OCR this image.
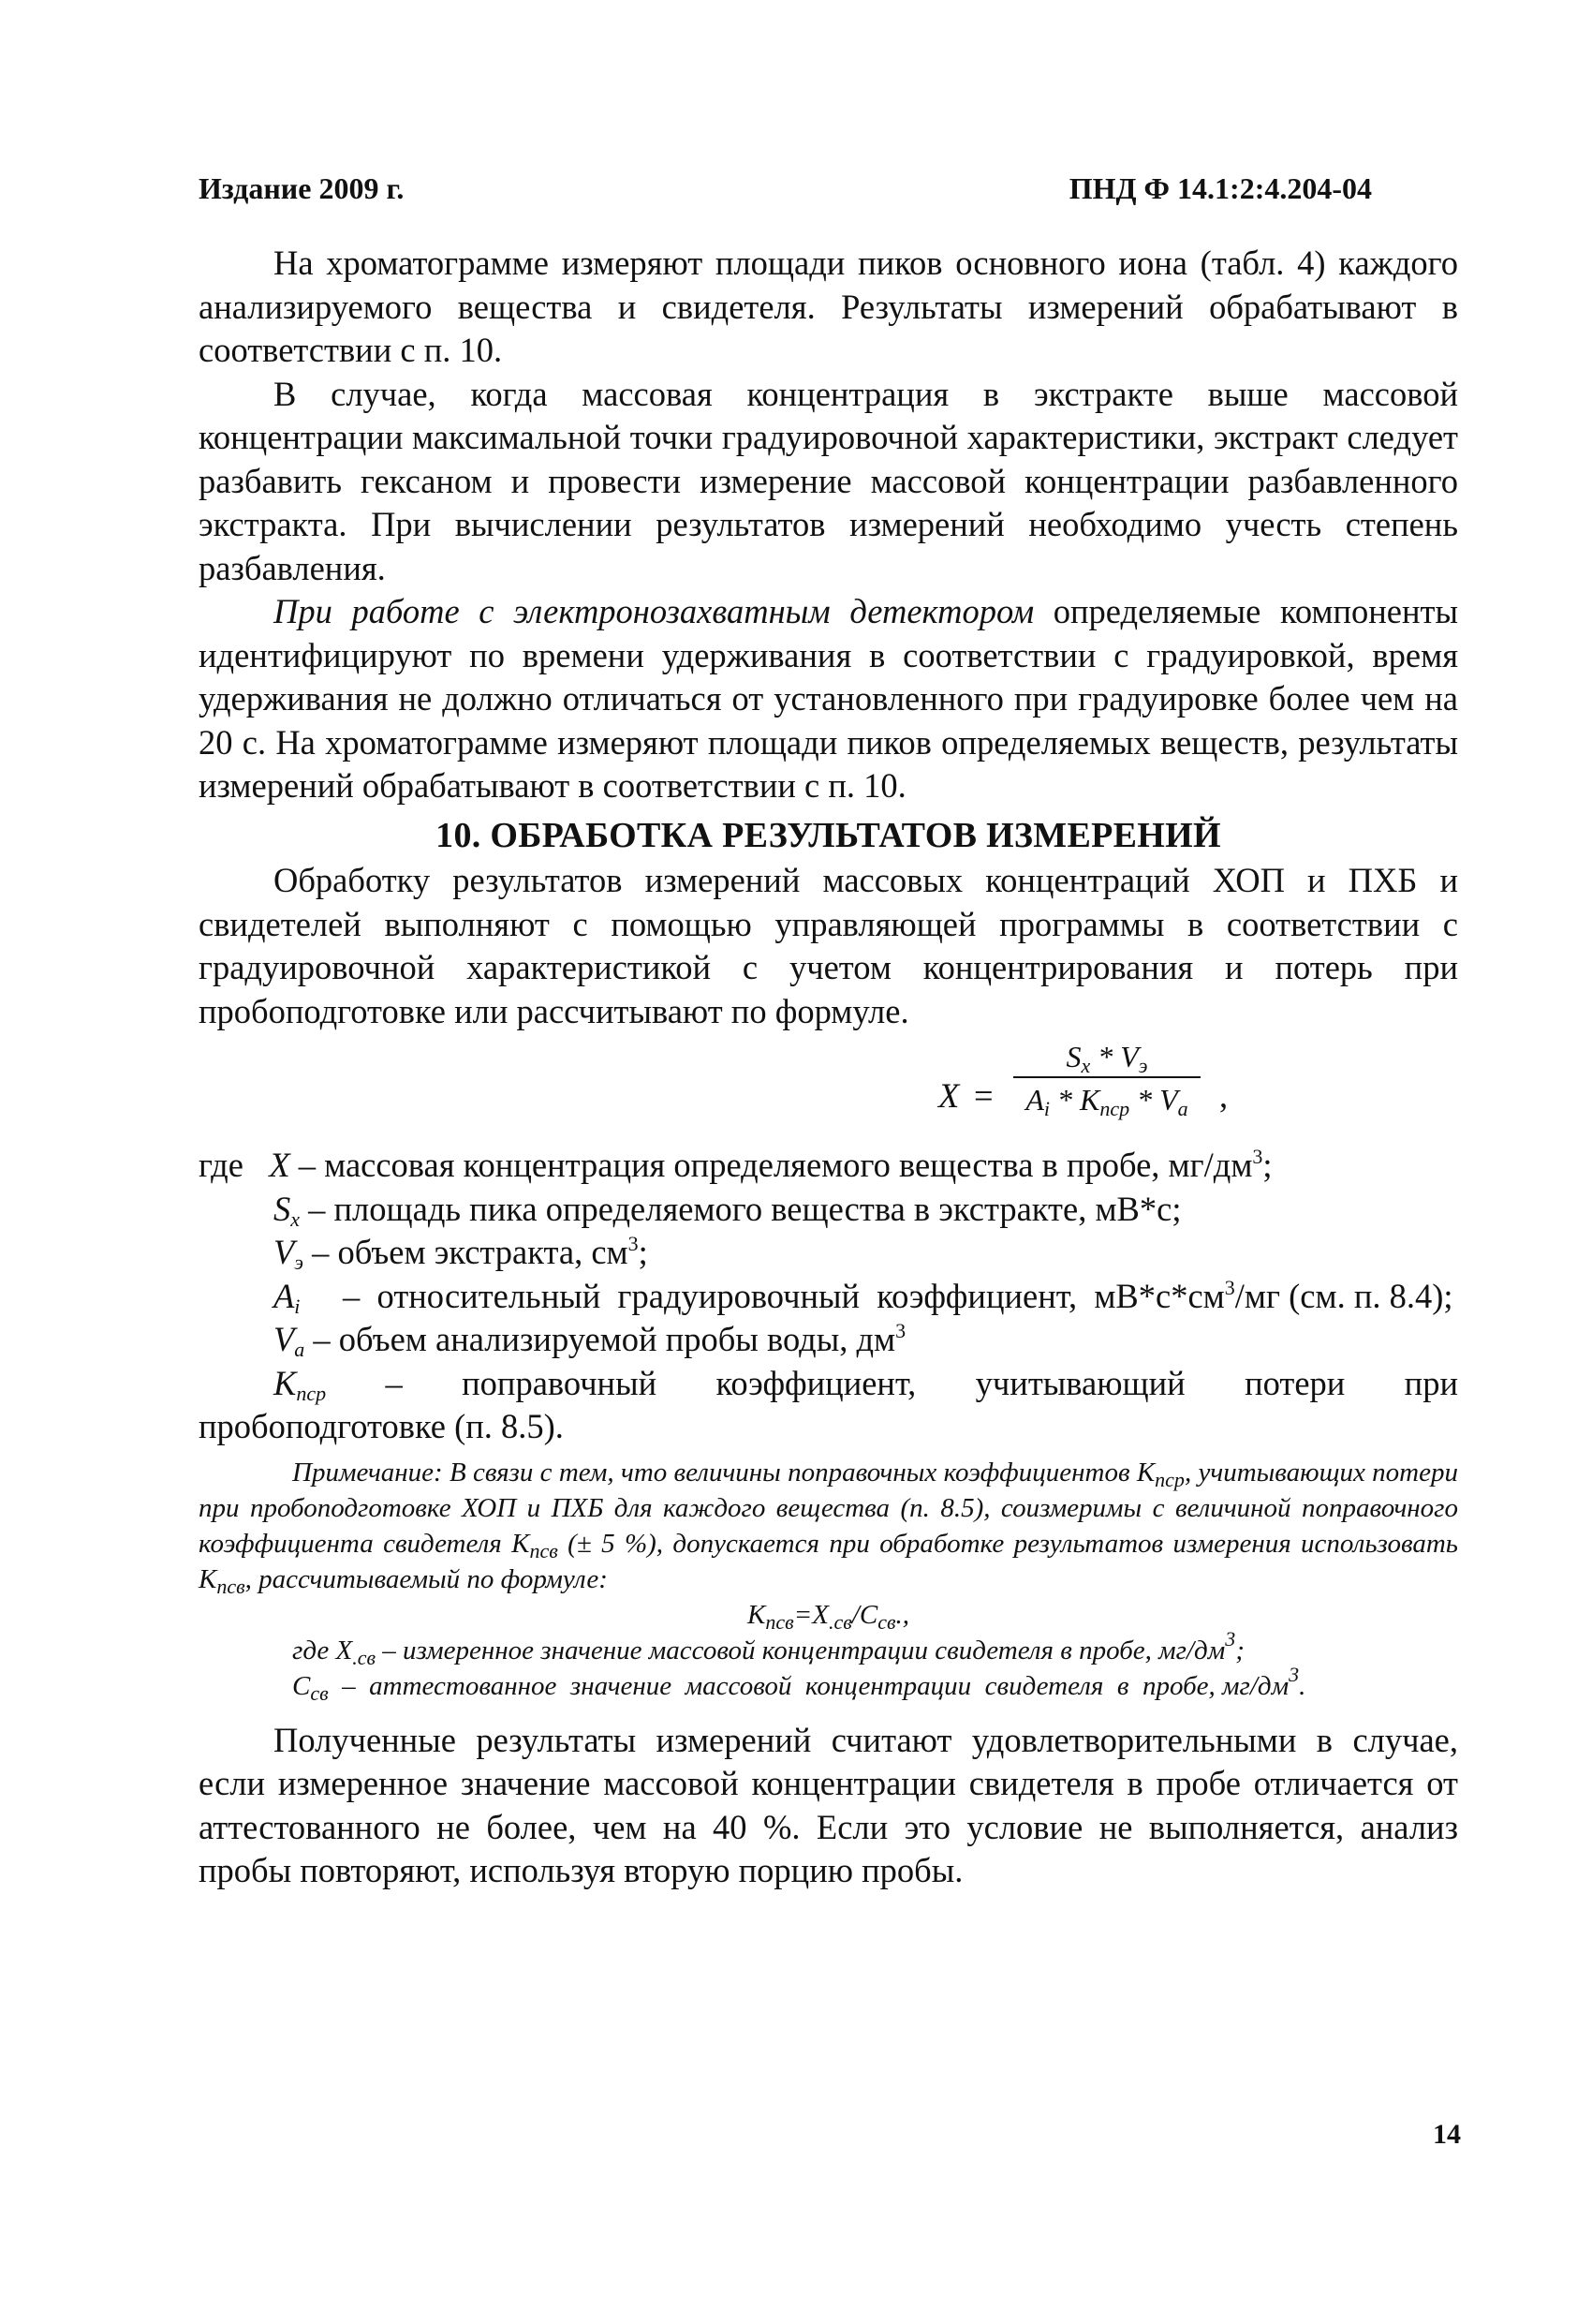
Издание 2009 г.	ПНД Ф 14.1:2:4.204-04

На хроматограмме измеряют площади пиков основного иона (табл. 4) каждого анализируемого вещества и свидетеля. Результаты измерений обрабатывают в соответствии с п. 10.

В случае, когда массовая концентрация в экстракте выше массовой концентрации максимальной точки градуировочной характеристики, экстракт следует разбавить гексаном и провести измерение массовой концентрации разбавленного экстракта. При вычислении результатов измерений необходимо учесть степень разбавления.

При работе с электронозахватным детектором определяемые компоненты идентифицируют по времени удерживания в соответствии с градуировкой, время удерживания не должно отличаться от установленного при градуировке более чем на 20 с. На хроматограмме измеряют площади пиков определяемых веществ, результаты измерений обрабатывают в соответствии с п. 10.

10. ОБРАБОТКА РЕЗУЛЬТАТОВ ИЗМЕРЕНИЙ

Обработку результатов измерений массовых концентраций ХОП и ПХБ и свидетелей выполняют с помощью управляющей программы в соответствии с градуировочной характеристикой с учетом концентрирования и потерь при пробоподготовке или рассчитывают по формуле.

X =
$S_x * V_э$
$A_i * K_{пср} * V_a$ ,

где X – массовая концентрация определяемого вещества в пробе, $мг/дм^3$;

$S_x$ – площадь пика определяемого вещества в экстракте, мВ*с;

$V_э$ – объем экстракта, $см^3$;

$A_i$     –  относительный  градуировочный  коэффициент,  $мВ*с*см^3/мг$ (см. п. 8.4);

$V_a$ – объем анализируемой пробы воды, $дм^3$

$K_{пср}$  –  поправочный  коэффициент,  учитывающий  потери  при пробоподготовке (п. 8.5).

Примечание: В связи с тем, что величины поправочных коэффициентов $K_{пср}$, учитывающих потери при пробоподготовке ХОП и ПХБ для каждого вещества (п. 8.5), соизмеримы с величиной поправочного коэффициента свидетеля $K_{пcв}$ (± 5 %), допускается при обработке результатов измерения использовать $K_{пcв}$, рассчитываемый по формуле:

$K_{пcв}=X_{.cв}/C_{cв}$.,

где $X_{.cв}$ – измеренное значение массовой концентрации свидетеля в пробе, $мг/дм^3$;

$C_{cв}$  –  аттестованное  значение  массовой  концентрации  свидетеля  в  пробе, $мг/дм^3$.

Полученные результаты измерений считают удовлетворительными в случае, если измеренное значение массовой концентрации свидетеля в пробе отличается от аттестованного не более, чем на 40 %. Если это условие не выполняется, анализ пробы повторяют, используя вторую порцию пробы.

14
